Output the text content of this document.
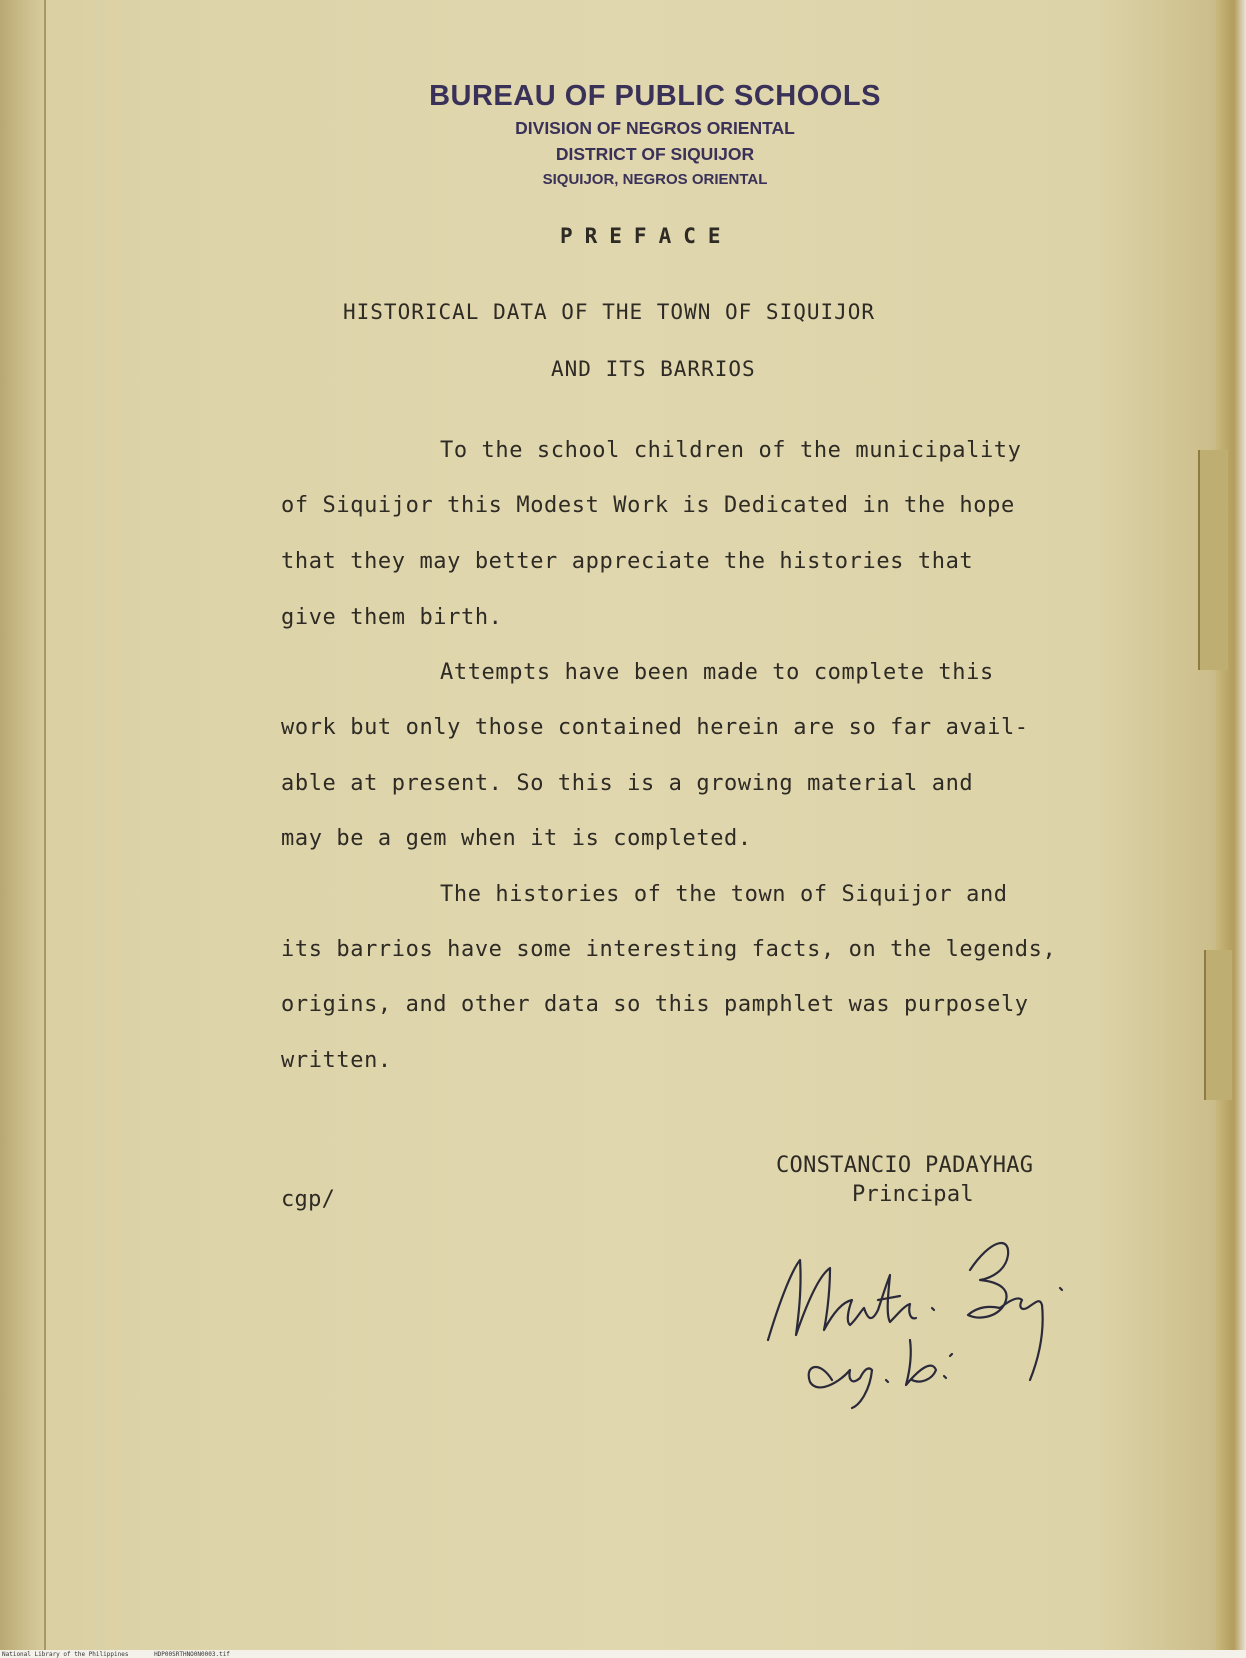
BUREAU OF PUBLIC SCHOOLS
DIVISION OF NEGROS ORIENTAL
DISTRICT OF SIQUIJOR
SIQUIJOR, NEGROS ORIENTAL
PREFACE
HISTORICAL DATA OF THE TOWN OF SIQUIJOR
AND ITS BARRIOS
To the school children of the municipality
of Siquijor this Modest Work is Dedicated in the hope
that they may better appreciate the histories that
give them birth.
Attempts have been made to complete this
work but only those contained herein are so far avail-
able at present. So this is a growing material and
may be a gem when it is completed.
The histories of the town of Siquijor and
its barrios have some interesting facts, on the legends,
origins, and other data so this pamphlet was purposely
written.
cgp/
CONSTANCIO PADAYHAG
Principal
National Library of the Philippines	HDP00SRTHNO0N0003.tif
